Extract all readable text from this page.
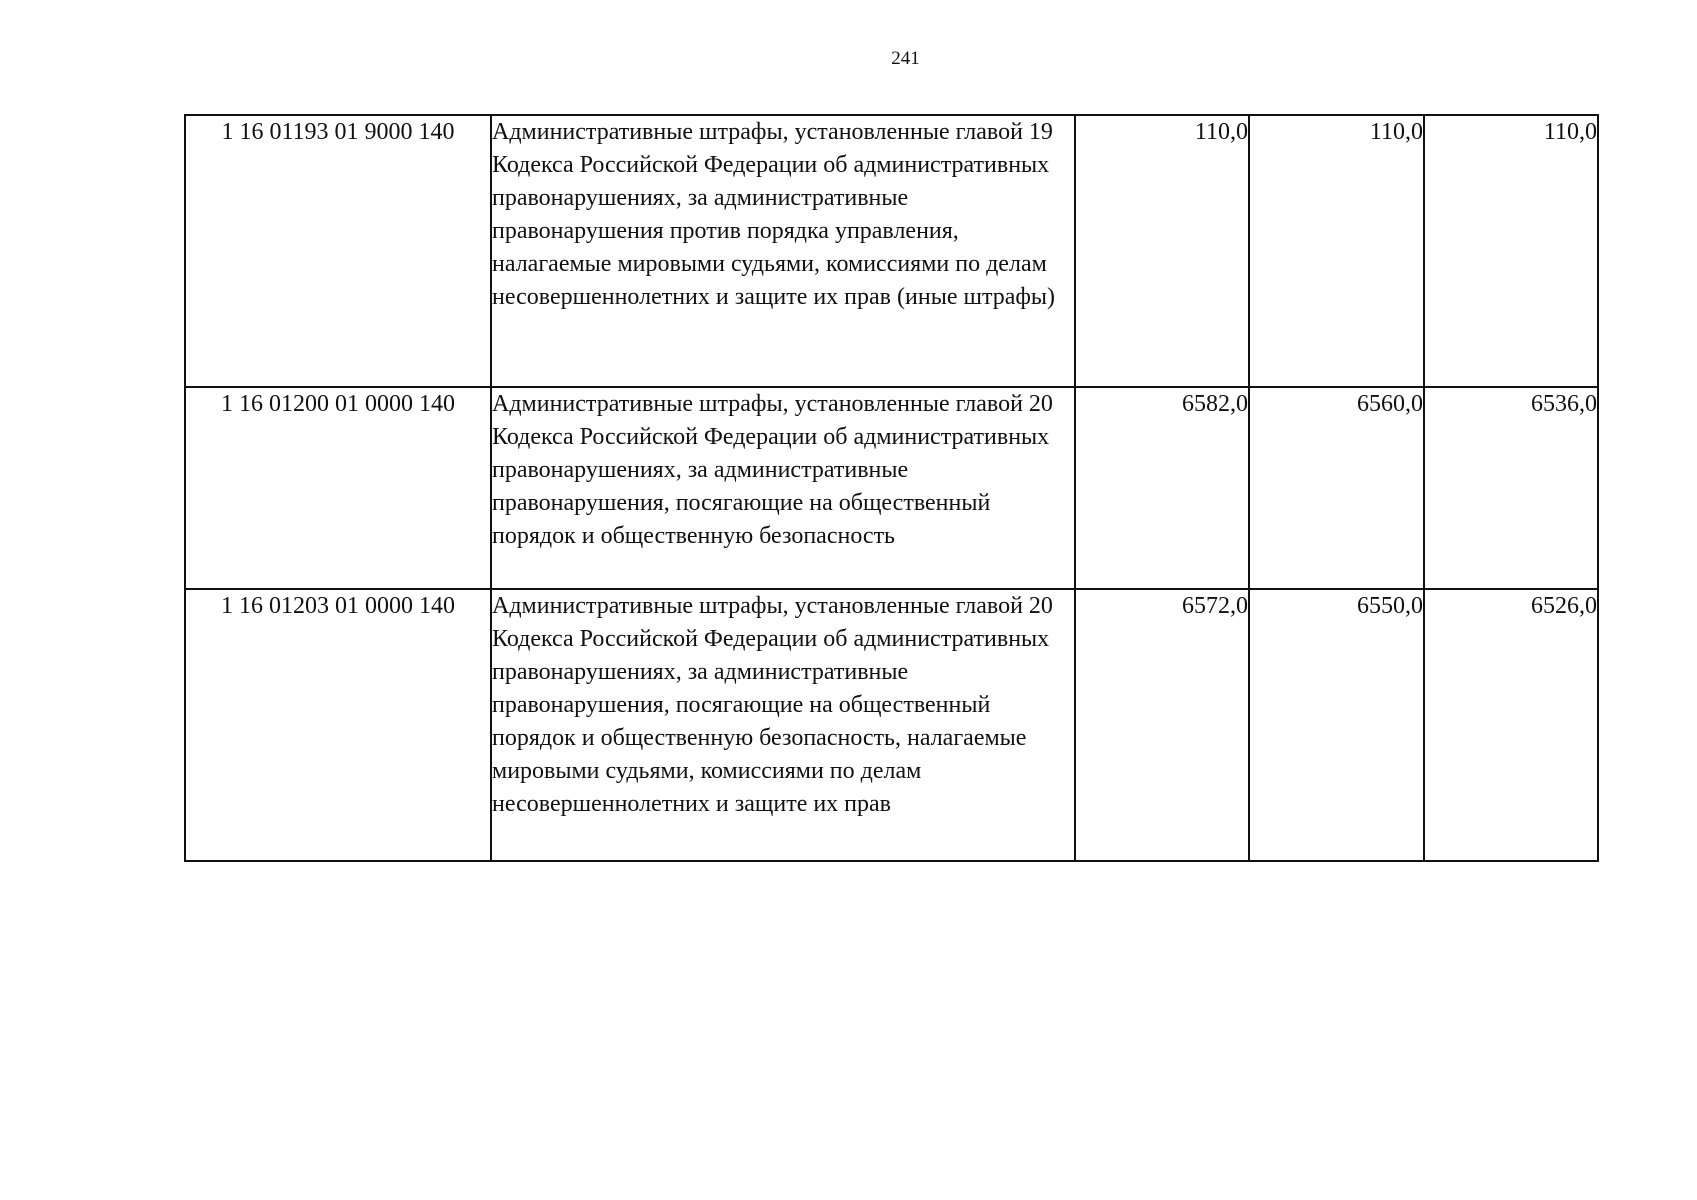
241
1 16 01193 01 9000 140	Административные штрафы, установленные главой 19 Кодекса Российской Федерации об административных правонарушениях, за административные правонарушения против порядка управления, налагаемые мировыми судьями, комиссиями по делам несовершеннолетних и защите их прав (иные штрафы)	110,0	110,0	110,0
1 16 01200 01 0000 140	Административные штрафы, установленные главой 20 Кодекса Российской Федерации об административных правонарушениях, за административные правонарушения, посягающие на общественный порядок и общественную безопасность	6582,0	6560,0	6536,0
1 16 01203 01 0000 140	Административные штрафы, установленные главой 20 Кодекса Российской Федерации об административных правонарушениях, за административные правонарушения, посягающие на общественный порядок и общественную безопасность, налагаемые мировыми судьями, комиссиями по делам несовершеннолетних и защите их прав	6572,0	6550,0	6526,0
